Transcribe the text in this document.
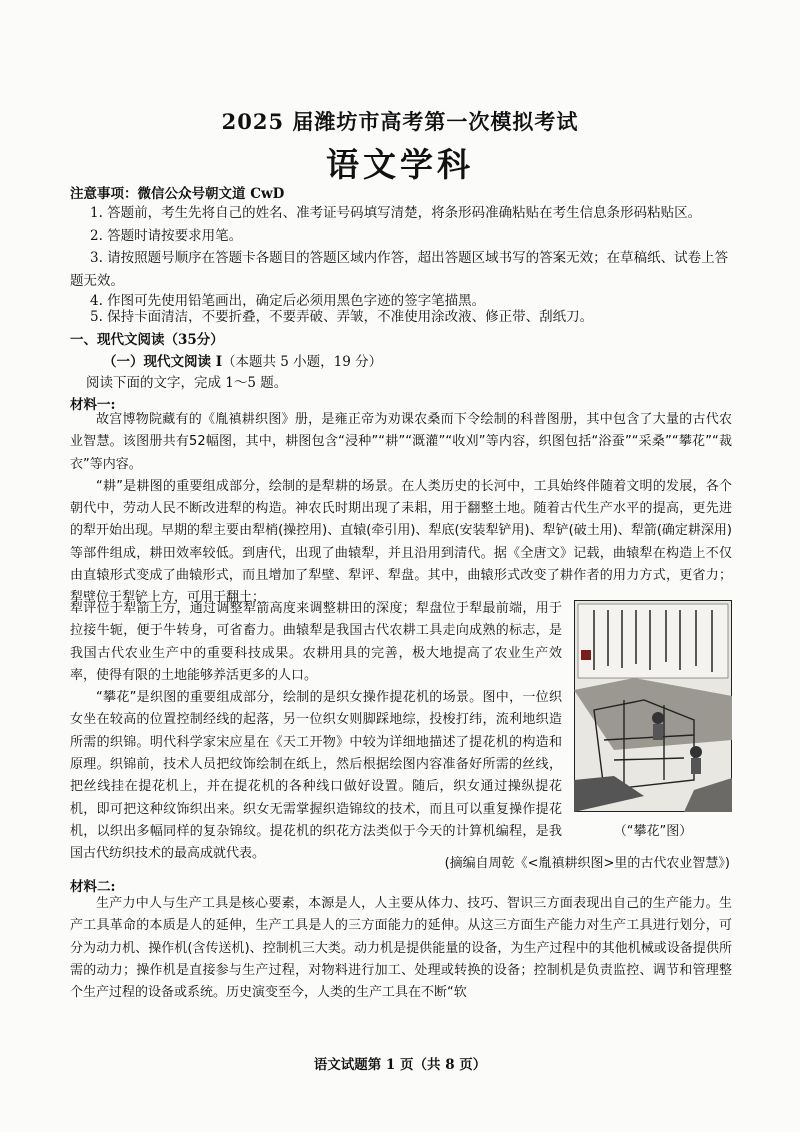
2025 届潍坊市高考第一次模拟考试
语文学科
注意事项：微信公众号朝文道 CwD
1. 答题前，考生先将自己的姓名、准考证号码填写清楚，将条形码准确粘贴在考生信息条形码粘贴区。
2. 答题时请按要求用笔。
3. 请按照题号顺序在答题卡各题目的答题区域内作答，超出答题区域书写的答案无效；在草稿纸、试卷上答题无效。
4. 作图可先使用铅笔画出，确定后必须用黑色字迹的签字笔描黑。
5. 保持卡面清洁，不要折叠，不要弄破、弄皱，不准使用涂改液、修正带、刮纸刀。
一、现代文阅读（35分）
（一）现代文阅读 I（本题共 5 小题，19 分）
阅读下面的文字，完成 1～5 题。
材料一:

故宫博物院藏有的《胤禛耕织图》册，是雍正帝为劝课农桑而下令绘制的科普图册，其中包含了大量的古代农业智慧。该图册共有52幅图，其中，耕图包含“浸种”“耕”“溉灌”“收刈”等内容，织图包括“浴蚕”“采桑”“攀花”“裁衣”等内容。

“耕”是耕图的重要组成部分，绘制的是犁耕的场景。在人类历史的长河中，工具始终伴随着文明的发展，各个朝代中，劳动人民不断改进犁的构造。神农氏时期出现了耒耜，用于翻整土地。随着古代生产水平的提高，更先进的犁开始出现。早期的犁主要由犁梢(操控用)、直辕(牵引用)、犁底(安装犁铲用)、犁铲(破土用)、犁箭(确定耕深用)等部件组成，耕田效率较低。到唐代，出现了曲辕犁，并且沿用到清代。据《全唐文》记载，曲辕犁在构造上不仅由直辕形式变成了曲辕形式，而且增加了犁壁、犁评、犁盘。其中，曲辕形式改变了耕作者的用力方式，更省力；犁壁位于犁铲上方，可用于翻土；

犁评位于犁箭上方，通过调整犁箭高度来调整耕田的深度；犁盘位于犁最前端，用于拉接牛轭，便于牛转身，可省畜力。曲辕犁是我国古代农耕工具走向成熟的标志，是我国古代农业生产中的重要科技成果。农耕用具的完善，极大地提高了农业生产效率，使得有限的土地能够养活更多的人口。

“攀花”是织图的重要组成部分，绘制的是织女操作提花机的场景。图中，一位织女坐在较高的位置控制经线的起落，另一位织女则脚踩地综，投梭打纬，流利地织造所需的织锦。明代科学家宋应星在《天工开物》中较为详细地描述了提花机的构造和原理。织锦前，技术人员把纹饰绘制在纸上，然后根据绘图内容准备好所需的丝线，把丝线挂在提花机上，并在提花机的各种线口做好设置。随后，织女通过操纵提花机，即可把这种纹饰织出来。织女无需掌握织造锦纹的技术，而且可以重复操作提花机，以织出多幅同样的复杂锦纹。提花机的织花方法类似于今天的计算机编程，是我国古代纺织技术的最高成就代表。

（“攀花”图）
(摘编自周乾《<胤禛耕织图>里的古代农业智慧》)
材料二:

生产力中人与生产工具是核心要素，本源是人，人主要从体力、技巧、智识三方面表现出自己的生产能力。生产工具革命的本质是人的延伸，生产工具是人的三方面能力的延伸。从这三方面生产能力对生产工具进行划分，可分为动力机、操作机(含传送机)、控制机三大类。动力机是提供能量的设备，为生产过程中的其他机械或设备提供所需的动力；操作机是直接参与生产过程，对物料进行加工、处理或转换的设备；控制机是负责监控、调节和管理整个生产过程的设备或系统。历史演变至今，人类的生产工具在不断“软

语文试题第 1 页（共 8 页）
